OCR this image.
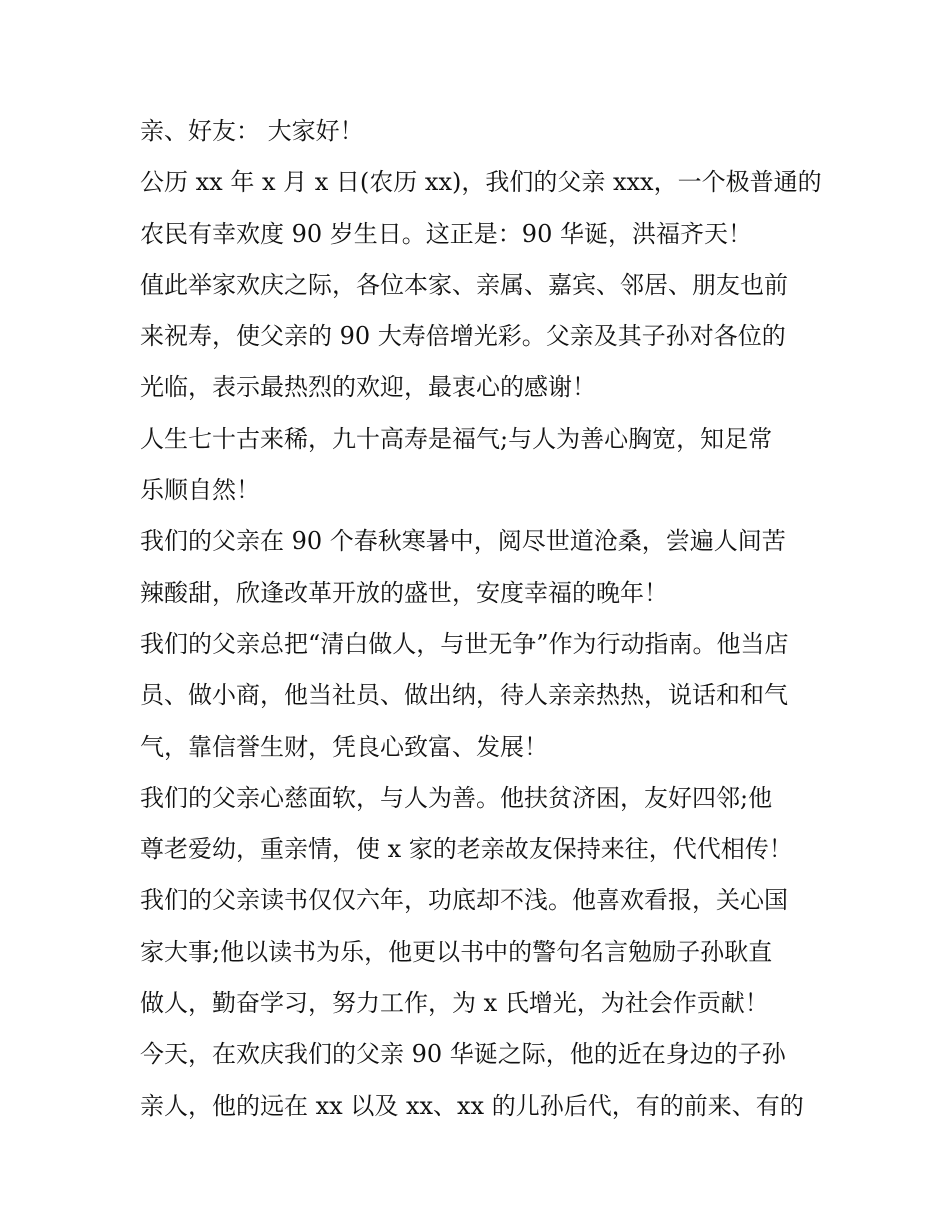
亲、好友： 大家好！
公历 xx 年 x 月 x 日(农历 xx)，我们的父亲 xxx，一个极普通的
农民有幸欢度 90 岁生日。这正是：90 华诞，洪福齐天！
值此举家欢庆之际，各位本家、亲属、嘉宾、邻居、朋友也前
来祝寿，使父亲的 90 大寿倍增光彩。父亲及其子孙对各位的
光临，表示最热烈的欢迎，最衷心的感谢！
人生七十古来稀，九十高寿是福气;与人为善心胸宽，知足常
乐顺自然！
我们的父亲在 90 个春秋寒暑中，阅尽世道沧桑，尝遍人间苦
辣酸甜，欣逢改革开放的盛世，安度幸福的晚年！
我们的父亲总把“清白做人，与世无争”作为行动指南。他当店
员、做小商，他当社员、做出纳，待人亲亲热热，说话和和气
气，靠信誉生财，凭良心致富、发展！
我们的父亲心慈面软，与人为善。他扶贫济困，友好四邻;他
尊老爱幼，重亲情，使 x 家的老亲故友保持来往，代代相传！
我们的父亲读书仅仅六年，功底却不浅。他喜欢看报，关心国
家大事;他以读书为乐，他更以书中的警句名言勉励子孙耿直
做人，勤奋学习，努力工作，为 x 氏增光，为社会作贡献！
今天，在欢庆我们的父亲 90 华诞之际，他的近在身边的子孙
亲人，他的远在 xx 以及 xx、xx 的儿孙后代，有的前来、有的
